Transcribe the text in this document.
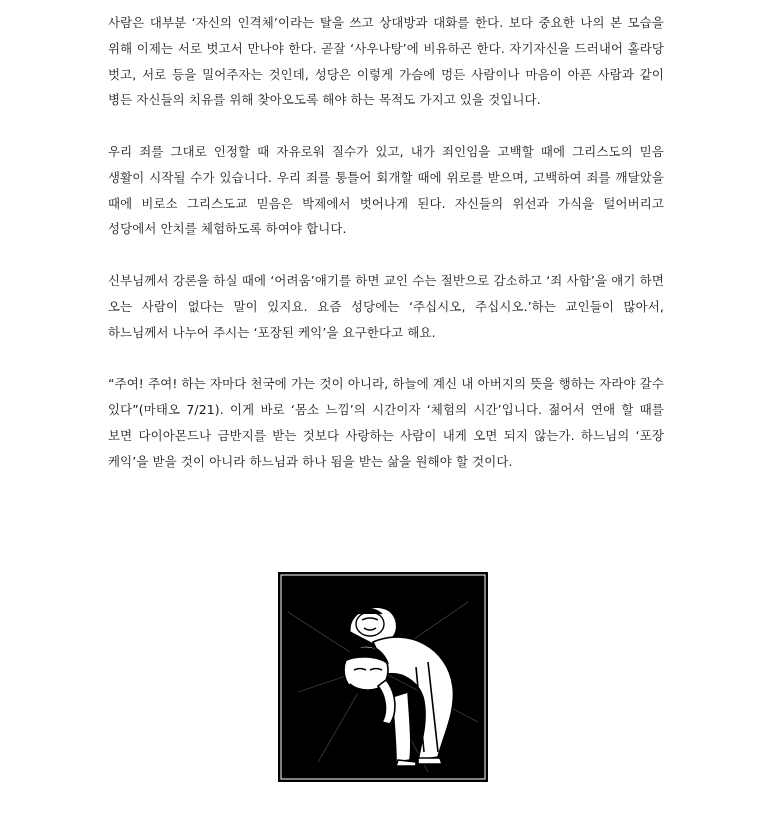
사람은 대부분 ‘자신의 인격체’이라는 탈을 쓰고 상대방과 대화를 한다. 보다 중요한 나의 본 모습을 위해 이제는 서로 벗고서 만나야 한다. 곧잘 ‘사우나탕’에 비유하곤 한다. 자기자신을 드러내어 홀라당 벗고, 서로 등을 밀어주자는 것인데, 성당은 이렇게 가슴에 멍든 사람이나 마음이 아픈 사람과 같이 병든 자신들의 치유를 위해 찾아오도록 해야 하는 목적도 가지고 있을 것입니다.

우리 죄를 그대로 인정할 때 자유로워 질수가 있고, 내가 죄인임을 고백할 때에 그리스도의 믿음 생활이 시작될 수가 있습니다. 우리 죄를 통틀어 회개할 때에 위로를 받으며, 고백하여 죄를 깨달았을 때에 비로소 그리스도교 믿음은 박제에서 벗어나게 된다. 자신들의 위선과 가식을 털어버리고 성당에서 안치를 체험하도록 하여야 합니다.

신부님께서 강론을 하실 때에 ‘어려움’얘기를 하면 교인 수는 절반으로 감소하고 ‘죄 사함’을 얘기 하면 오는 사람이 없다는 말이 있지요. 요즘 성당에는 ‘주십시오, 주십시오.’하는 교인들이 많아서, 하느님께서 나누어 주시는 ‘포장된 케익’을 요구한다고 해요.

“주여! 주여! 하는 자마다 천국에 가는 것이 아니라, 하늘에 계신 내 아버지의 뜻을 행하는 자라야 갈수 있다”(마태오 7/21). 이게 바로 ‘몸소 느낌’의 시간이자 ‘체험의 시간’입니다. 젊어서 연애 할 때를 보면 다이아몬드나 금반지를 받는 것보다 사랑하는 사람이 내게 오면 되지 않는가. 하느님의 ‘포장 케익’을 받을 것이 아니라 하느님과 하나 됨을 받는 삶을 원해야 할 것이다.
